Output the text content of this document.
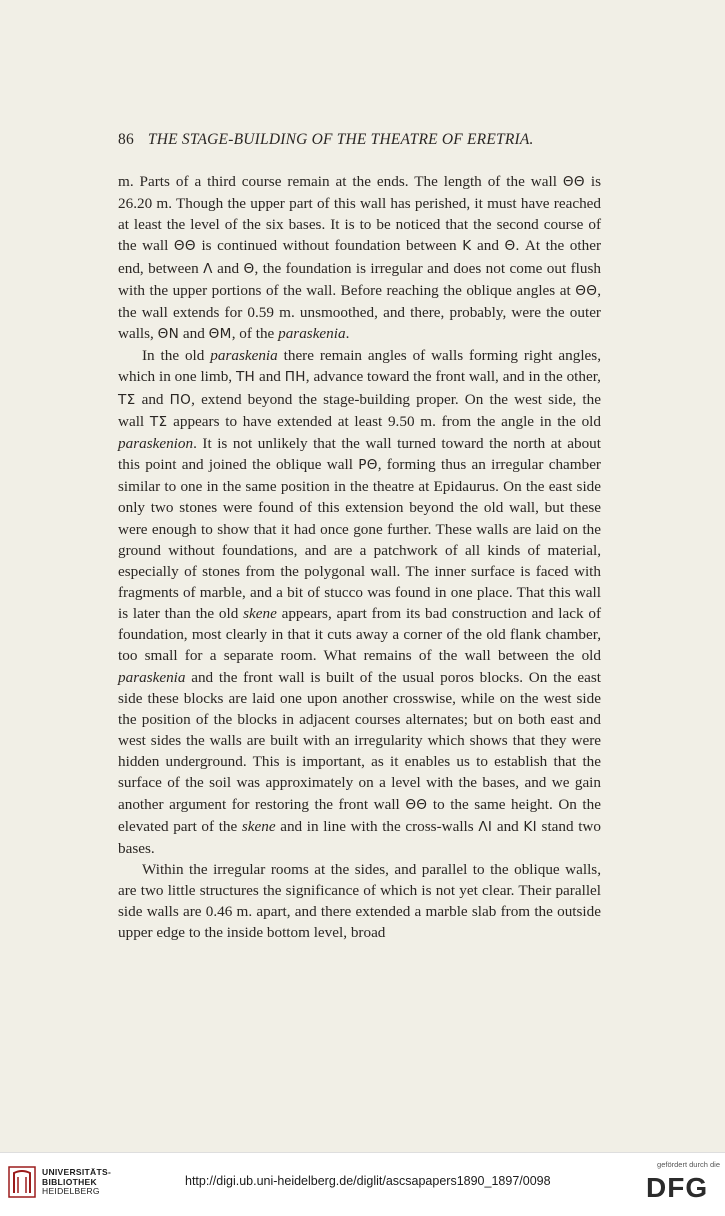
86 THE STAGE-BUILDING OF THE THEATRE OF ERETRIA.

m. Parts of a third course remain at the ends. The length of the wall ΘΘ is 26.20 m. Though the upper part of this wall has perished, it must have reached at least the level of the six bases. It is to be noticed that the second course of the wall ΘΘ is continued without foundation between K and Θ. At the other end, between Λ and Θ, the foundation is irregular and does not come out flush with the upper portions of the wall. Before reaching the oblique angles at ΘΘ, the wall extends for 0.59 m. unsmoothed, and there, probably, were the outer walls, ΘN and ΘM, of the paraskenia.

In the old paraskenia there remain angles of walls forming right angles, which in one limb, TH and ΠH, advance toward the front wall, and in the other, TΣ and ΠO, extend beyond the stage-building proper. On the west side, the wall TΣ appears to have extended at least 9.50 m. from the angle in the old paraskenion. It is not unlikely that the wall turned toward the north at about this point and joined the oblique wall PΘ, forming thus an irregular chamber similar to one in the same position in the theatre at Epidaurus. On the east side only two stones were found of this extension beyond the old wall, but these were enough to show that it had once gone further. These walls are laid on the ground without foundations, and are a patchwork of all kinds of material, especially of stones from the polygonal wall. The inner surface is faced with fragments of marble, and a bit of stucco was found in one place. That this wall is later than the old skene appears, apart from its bad construction and lack of foundation, most clearly in that it cuts away a corner of the old flank chamber, too small for a separate room. What remains of the wall between the old paraskenia and the front wall is built of the usual poros blocks. On the east side these blocks are laid one upon another crosswise, while on the west side the position of the blocks in adjacent courses alternates; but on both east and west sides the walls are built with an irregularity which shows that they were hidden underground. This is important, as it enables us to establish that the surface of the soil was approximately on a level with the bases, and we gain another argument for restoring the front wall ΘΘ to the same height. On the elevated part of the skene and in line with the cross-walls ΛI and KI stand two bases.

Within the irregular rooms at the sides, and parallel to the oblique walls, are two little structures the significance of which is not yet clear. Their parallel side walls are 0.46 m. apart, and there extended a marble slab from the outside upper edge to the inside bottom level, broad

UNIVERSITÄTS-
BIBLIOTHEK
HEIDELBERG
http://digi.ub.uni-heidelberg.de/diglit/ascsapapers1890_1897/0098
gefördert durch die
DFG
